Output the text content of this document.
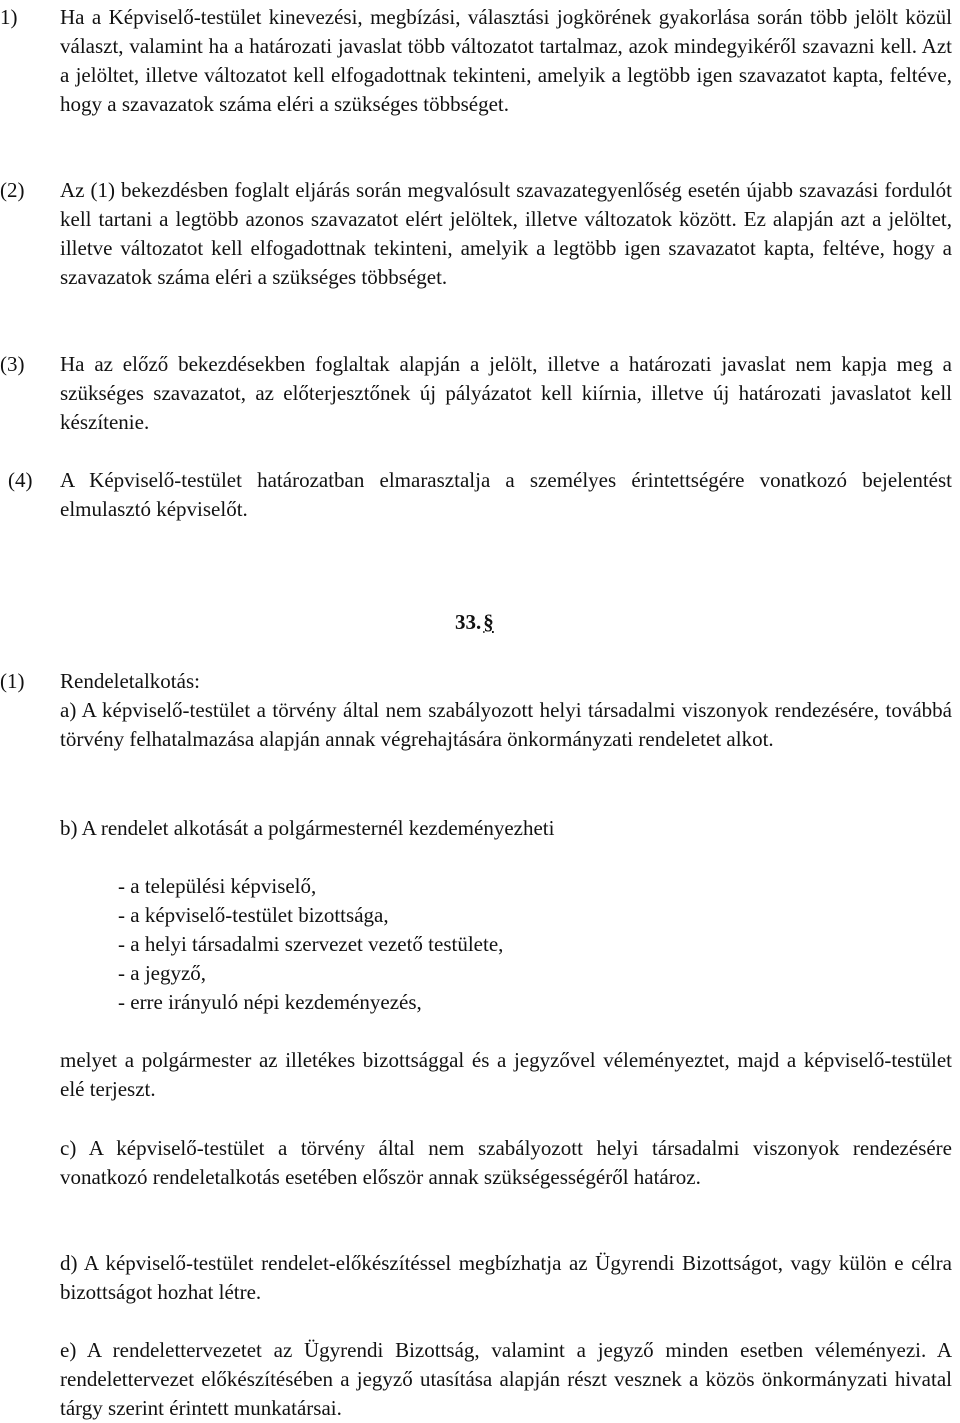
1) Ha a Képviselő-testület kinevezési, megbízási, választási jogkörének gyakorlása során több jelölt közül választ, valamint ha a határozati javaslat több változatot tartalmaz, azok mindegyikéről szavazni kell. Azt a jelöltet, illetve változatot kell elfogadottnak tekinteni, amelyik a legtöbb igen szavazatot kapta, feltéve, hogy a szavazatok száma eléri a szükséges többséget.
(2) Az (1) bekezdésben foglalt eljárás során megvalósult szavazategyenlőség esetén újabb szavazási fordulót kell tartani a legtöbb azonos szavazatot elért jelöltek, illetve változatok között. Ez alapján azt a jelöltet, illetve változatot kell elfogadottnak tekinteni, amelyik a legtöbb igen szavazatot kapta, feltéve, hogy a szavazatok száma eléri a szükséges többséget.
(3) Ha az előző bekezdésekben foglaltak alapján a jelölt, illetve a határozati javaslat nem kapja meg a szükséges szavazatot, az előterjesztőnek új pályázatot kell kiírnia, illetve új határozati javaslatot kell készítenie.
(4) A Képviselő-testület határozatban elmarasztalja a személyes érintettségére vonatkozó bejelentést elmulasztó képviselőt.
33.§
(1) Rendeletalkotás:
a) A képviselő-testület a törvény által nem szabályozott helyi társadalmi viszonyok rendezésére, továbbá törvény felhatalmazása alapján annak végrehajtására önkormányzati rendeletet alkot.
b) A rendelet alkotását a polgármesternél kezdeményezheti
- a települési képviselő,
- a képviselő-testület bizottsága,
- a helyi társadalmi szervezet vezető testülete,
- a jegyző,
- erre irányuló népi kezdeményezés,
melyet a polgármester az illetékes bizottsággal és a jegyzővel véleményeztet, majd a képviselő-testület elé terjeszt.
c) A képviselő-testület a törvény által nem szabályozott helyi társadalmi viszonyok rendezésére vonatkozó rendeletalkotás esetében először annak szükségességéről határoz.
d) A képviselő-testület rendelet-előkészítéssel megbízhatja az Ügyrendi Bizottságot, vagy külön e célra bizottságot hozhat létre.
e) A rendelettervezetet az Ügyrendi Bizottság, valamint a jegyző minden esetben véleményezi. A rendelettervezet előkészítésében a jegyző utasítása alapján részt vesznek a közös önkormányzati hivatal tárgy szerint érintett munkatársai.
